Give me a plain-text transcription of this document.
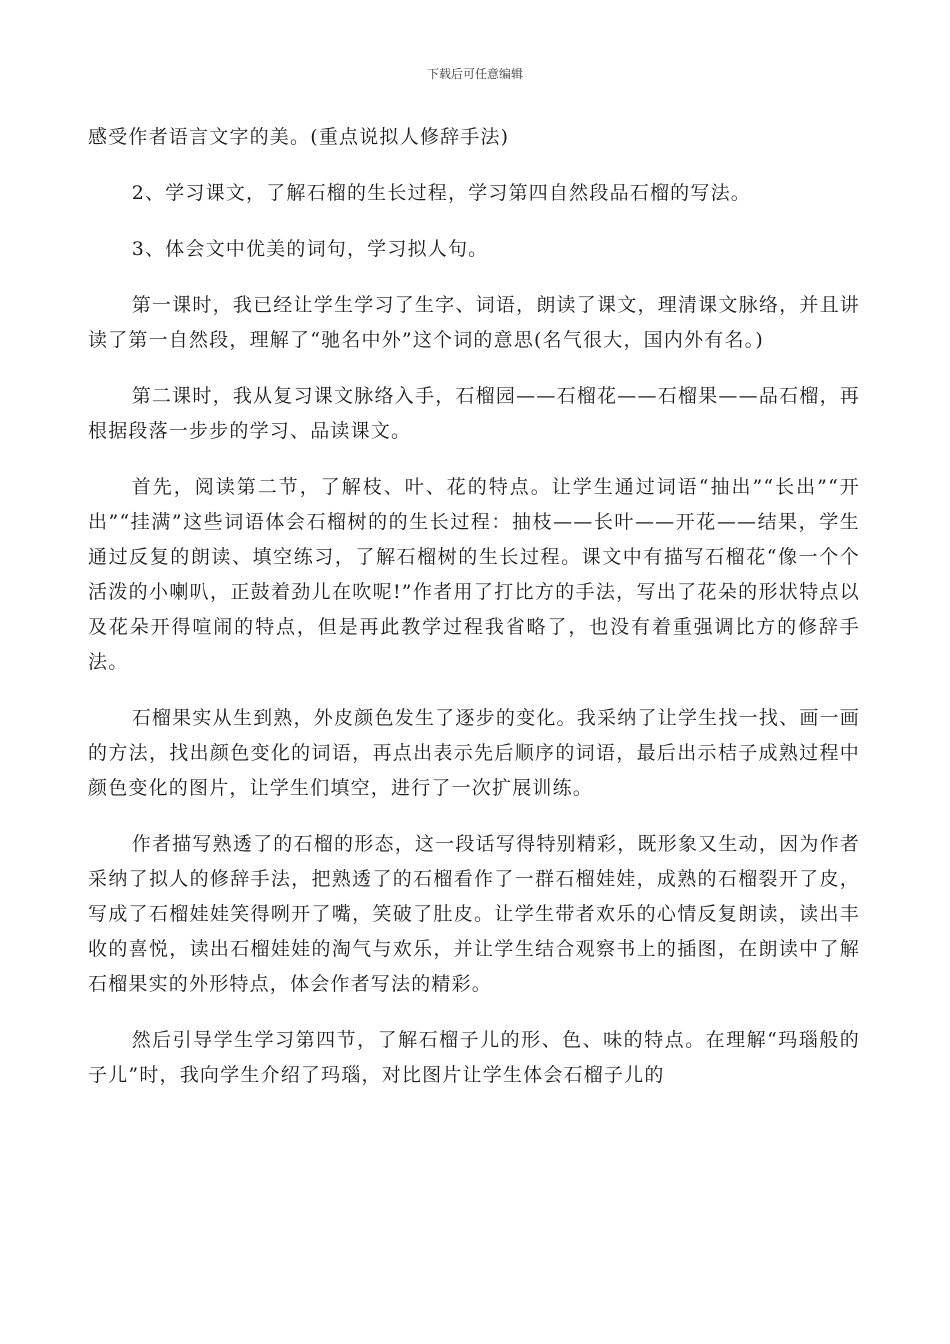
下载后可任意编辑

感受作者语言文字的美。(重点说拟人修辞手法)

2、学习课文，了解石榴的生长过程，学习第四自然段品石榴的写法。

3、体会文中优美的词句，学习拟人句。

第一课时，我已经让学生学习了生字、词语，朗读了课文，理清课文脉络，并且讲读了第一自然段，理解了“驰名中外”这个词的意思(名气很大，国内外有名。)

第二课时，我从复习课文脉络入手，石榴园——石榴花——石榴果——品石榴，再根据段落一步步的学习、品读课文。

首先，阅读第二节，了解枝、叶、花的特点。让学生通过词语“抽出”“长出”“开出”“挂满”这些词语体会石榴树的的生长过程：抽枝——长叶——开花——结果，学生通过反复的朗读、填空练习，了解石榴树的生长过程。课文中有描写石榴花“像一个个活泼的小喇叭，正鼓着劲儿在吹呢!”作者用了打比方的手法，写出了花朵的形状特点以及花朵开得喧闹的特点，但是再此教学过程我省略了，也没有着重强调比方的修辞手法。

石榴果实从生到熟，外皮颜色发生了逐步的变化。我采纳了让学生找一找、画一画的方法，找出颜色变化的词语，再点出表示先后顺序的词语，最后出示桔子成熟过程中颜色变化的图片，让学生们填空，进行了一次扩展训练。

作者描写熟透了的石榴的形态，这一段话写得特别精彩，既形象又生动，因为作者采纳了拟人的修辞手法，把熟透了的石榴看作了一群石榴娃娃，成熟的石榴裂开了皮，写成了石榴娃娃笑得咧开了嘴，笑破了肚皮。让学生带者欢乐的心情反复朗读，读出丰收的喜悦，读出石榴娃娃的淘气与欢乐，并让学生结合观察书上的插图，在朗读中了解石榴果实的外形特点，体会作者写法的精彩。

然后引导学生学习第四节，了解石榴子儿的形、色、味的特点。在理解“玛瑙般的子儿”时，我向学生介绍了玛瑙，对比图片让学生体会石榴子儿的
